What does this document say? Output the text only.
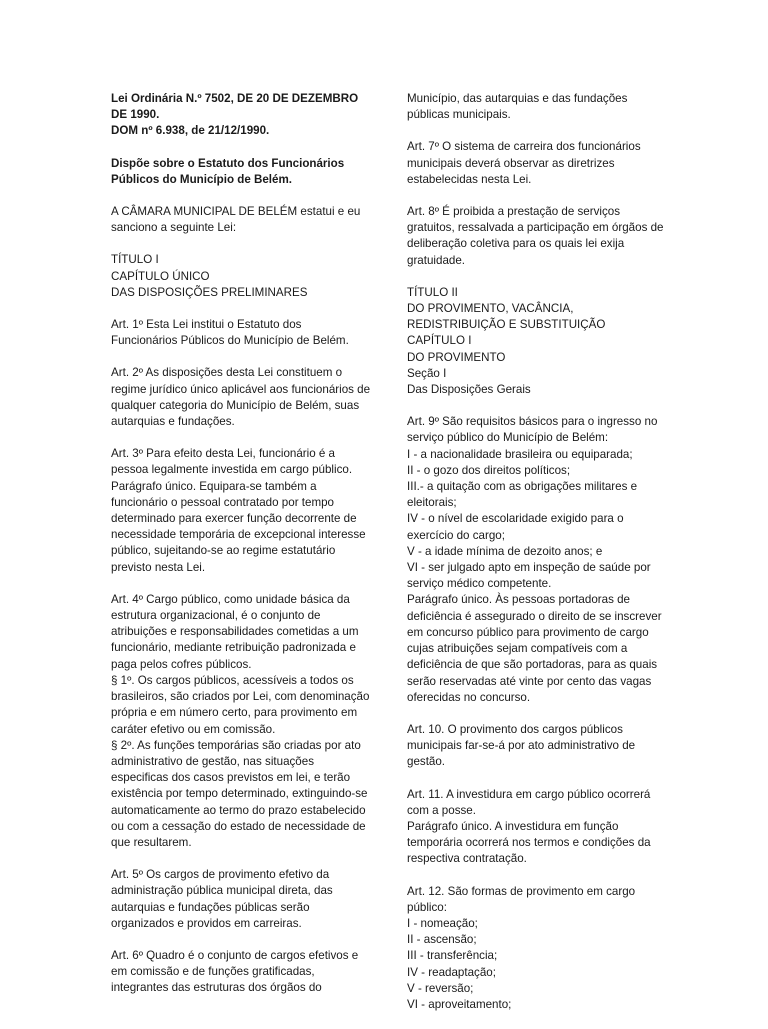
Lei Ordinária N.º 7502, DE 20 DE DEZEMBRO DE 1990.
DOM nº 6.938, de 21/12/1990.

Dispõe sobre o Estatuto dos Funcionários Públicos do Município de Belém.

A CÂMARA MUNICIPAL DE BELÉM estatui e eu sanciono a seguinte Lei:

TÍTULO I
CAPÍTULO ÚNICO
DAS DISPOSIÇÕES PRELIMINARES

Art. 1º Esta Lei institui o Estatuto dos Funcionários Públicos do Município de Belém.

Art. 2º As disposições desta Lei constituem o regime jurídico único aplicável aos funcionários de qualquer categoria do Município de Belém, suas autarquias e fundações.

Art. 3º Para efeito desta Lei, funcionário é a pessoa legalmente investida em cargo público.
Parágrafo único. Equipara-se também a funcionário o pessoal contratado por tempo determinado para exercer função decorrente de necessidade temporária de excepcional interesse público, sujeitando-se ao regime estatutário previsto nesta Lei.

Art. 4º Cargo público, como unidade básica da estrutura organizacional, é o conjunto de atribuições e responsabilidades cometidas a um funcionário, mediante retribuição padronizada e paga pelos cofres públicos.
§ 1º. Os cargos públicos, acessíveis a todos os brasileiros, são criados por Lei, com denominação própria e em número certo, para provimento em caráter efetivo ou em comissão.
§ 2º. As funções temporárias são criadas por ato administrativo de gestão, nas situações especificas dos casos previstos em lei, e terão existência por tempo determinado, extinguindo-se automaticamente ao termo do prazo estabelecido ou com a cessação do estado de necessidade de que resultarem.

Art. 5º Os cargos de provimento efetivo da administração pública municipal direta, das autarquias e fundações públicas serão organizados e providos em carreiras.

Art. 6º Quadro é o conjunto de cargos efetivos e em comissão e de funções gratificadas, integrantes das estruturas dos órgãos do

Município, das autarquias e das fundações públicas municipais.

Art. 7º O sistema de carreira dos funcionários municipais deverá observar as diretrizes estabelecidas nesta Lei.

Art. 8º É proibida a prestação de serviços gratuitos, ressalvada a participação em órgãos de deliberação coletiva para os quais lei exija gratuidade.

TÍTULO II
DO PROVIMENTO, VACÂNCIA, REDISTRIBUIÇÃO E SUBSTITUIÇÃO
CAPÍTULO I
DO PROVIMENTO
Seção I
Das Disposições Gerais

Art. 9º São requisitos básicos para o ingresso no serviço público do Município de Belém:
I - a nacionalidade brasileira ou equiparada;
II - o gozo dos direitos políticos;
III.- a quitação com as obrigações militares e eleitorais;
IV - o nível de escolaridade exigido para o exercício do cargo;
V - a idade mínima de dezoito anos; e
VI - ser julgado apto em inspeção de saúde por serviço médico competente.
Parágrafo único. Às pessoas portadoras de deficiência é assegurado o direito de se inscrever em concurso público para provimento de cargo cujas atribuições sejam compatíveis com a deficiência de que são portadoras, para as quais serão reservadas até vinte por cento das vagas oferecidas no concurso.

Art. 10. O provimento dos cargos públicos municipais far-se-á por ato administrativo de gestão.

Art. 11. A investidura em cargo público ocorrerá com a posse.
Parágrafo único. A investidura em função temporária ocorrerá nos termos e condições da respectiva contratação.

Art. 12. São formas de provimento em cargo público:
I - nomeação;
II - ascensão;
III - transferência;
IV - readaptação;
V - reversão;
VI - aproveitamento;
